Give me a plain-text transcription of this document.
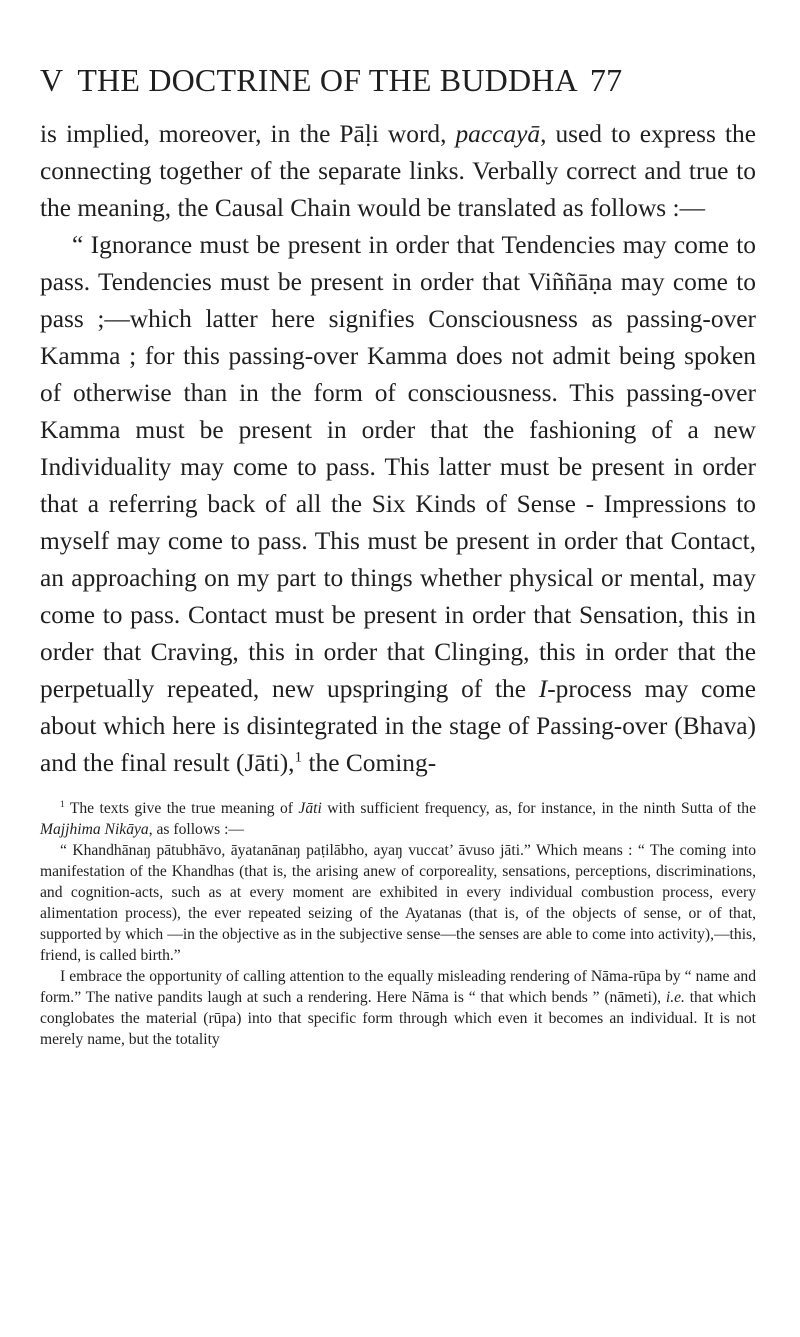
V THE DOCTRINE OF THE BUDDHA 77

is implied, moreover, in the Pāḷi word, paccayā, used to express the connecting together of the separate links. Verbally correct and true to the meaning, the Causal Chain would be translated as follows :—

“ Ignorance must be present in order that Tendencies may come to pass. Tendencies must be present in order that Viññāṇa may come to pass ;—which latter here signifies Consciousness as passing-over Kamma ; for this passing-over Kamma does not admit being spoken of otherwise than in the form of consciousness. This passing-over Kamma must be present in order that the fashioning of a new Individuality may come to pass. This latter must be present in order that a referring back of all the Six Kinds of Sense - Impressions to myself may come to pass. This must be present in order that Contact, an approaching on my part to things whether physical or mental, may come to pass. Contact must be present in order that Sensation, this in order that Craving, this in order that Clinging, this in order that the perpetually repeated, new upspringing of the I-process may come about which here is disintegrated in the stage of Passing-over (Bhava) and the final result (Jāti),$^1$ the Coming-

$^1$ The texts give the true meaning of Jāti with sufficient frequency, as, for instance, in the ninth Sutta of the Majjhima Nikāya, as follows :—

“ Khandhānaŋ pātubhāvo, āyatanānaŋ paṭilābho, ayaŋ vuccat’ āvuso jāti.” Which means : “ The coming into manifestation of the Khandhas (that is, the arising anew of corporeality, sensations, perceptions, discriminations, and cognition-acts, such as at every moment are exhibited in every individual combustion process, every alimentation process), the ever repeated seizing of the Ayatanas (that is, of the objects of sense, or of that, supported by which —in the objective as in the subjective sense—the senses are able to come into activity),—this, friend, is called birth.”

I embrace the opportunity of calling attention to the equally misleading rendering of Nāma-rūpa by “ name and form.” The native pandits laugh at such a rendering. Here Nāma is “ that which bends ” (nāmeti), i.e. that which conglobates the material (rūpa) into that specific form through which even it becomes an individual. It is not merely name, but the totality
